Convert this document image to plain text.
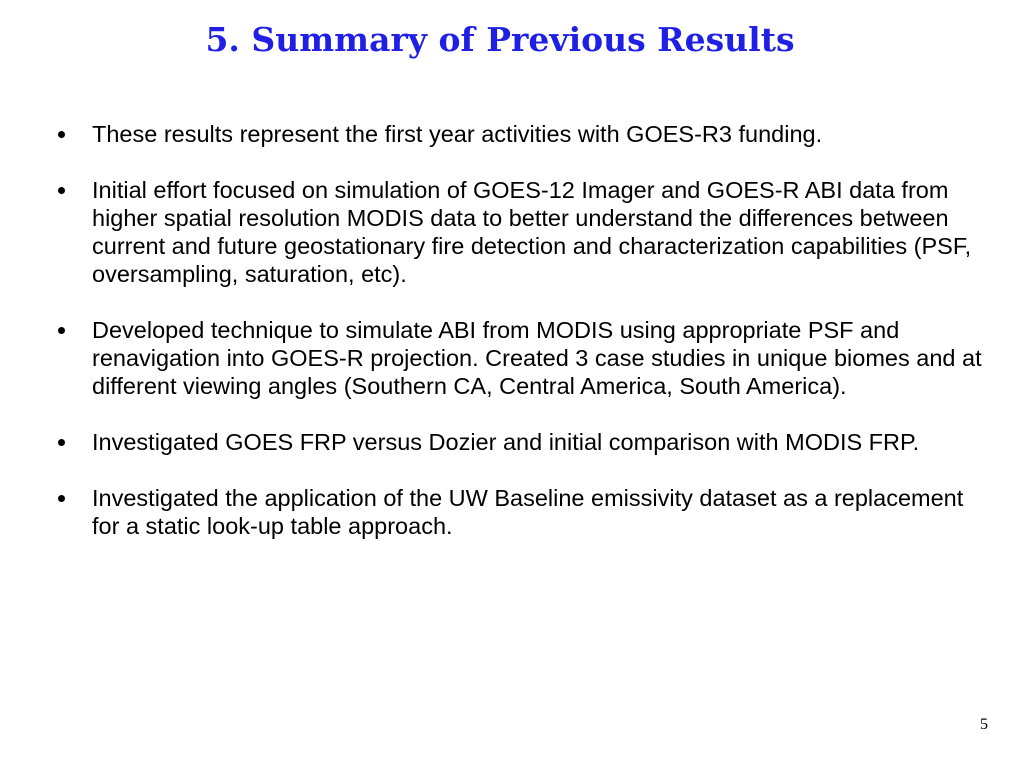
5. Summary of Previous Results
These results represent the first year activities with GOES-R3 funding.
Initial effort focused on simulation of GOES-12 Imager and GOES-R ABI data from higher spatial resolution MODIS data to better understand the differences between current and future geostationary fire detection and characterization capabilities (PSF, oversampling, saturation, etc).
Developed technique to simulate ABI from MODIS using appropriate PSF and renavigation into GOES-R projection. Created 3 case studies in unique biomes and at different viewing angles (Southern CA, Central America, South America).
Investigated GOES FRP versus Dozier and initial comparison with MODIS FRP.
Investigated the application of the UW Baseline emissivity dataset as a replacement for a static look-up table approach.
5
